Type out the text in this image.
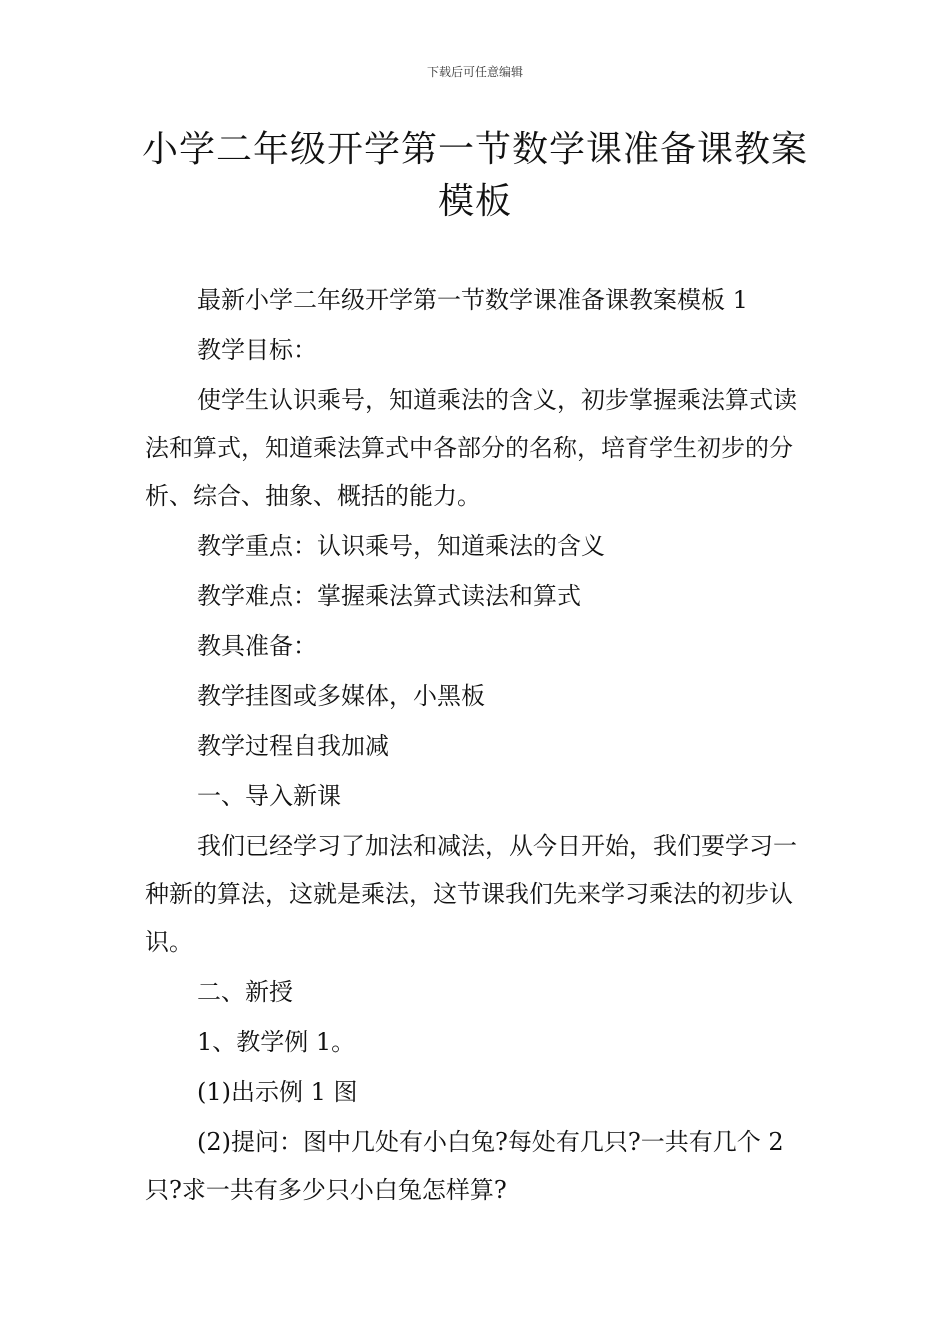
下载后可任意编辑
小学二年级开学第一节数学课准备课教案
模板

最新小学二年级开学第一节数学课准备课教案模板 1

教学目标：

使学生认识乘号，知道乘法的含义，初步掌握乘法算式读法和算式，知道乘法算式中各部分的名称，培育学生初步的分析、综合、抽象、概括的能力。

教学重点：认识乘号，知道乘法的含义

教学难点：掌握乘法算式读法和算式

教具准备：

教学挂图或多媒体，小黑板

教学过程自我加减

一、导入新课

我们已经学习了加法和减法，从今日开始，我们要学习一种新的算法，这就是乘法，这节课我们先来学习乘法的初步认识。

二、新授

1、教学例 1。

(1)出示例 1 图

(2)提问：图中几处有小白兔?每处有几只?一共有几个 2 只?求一共有多少只小白兔怎样算?
